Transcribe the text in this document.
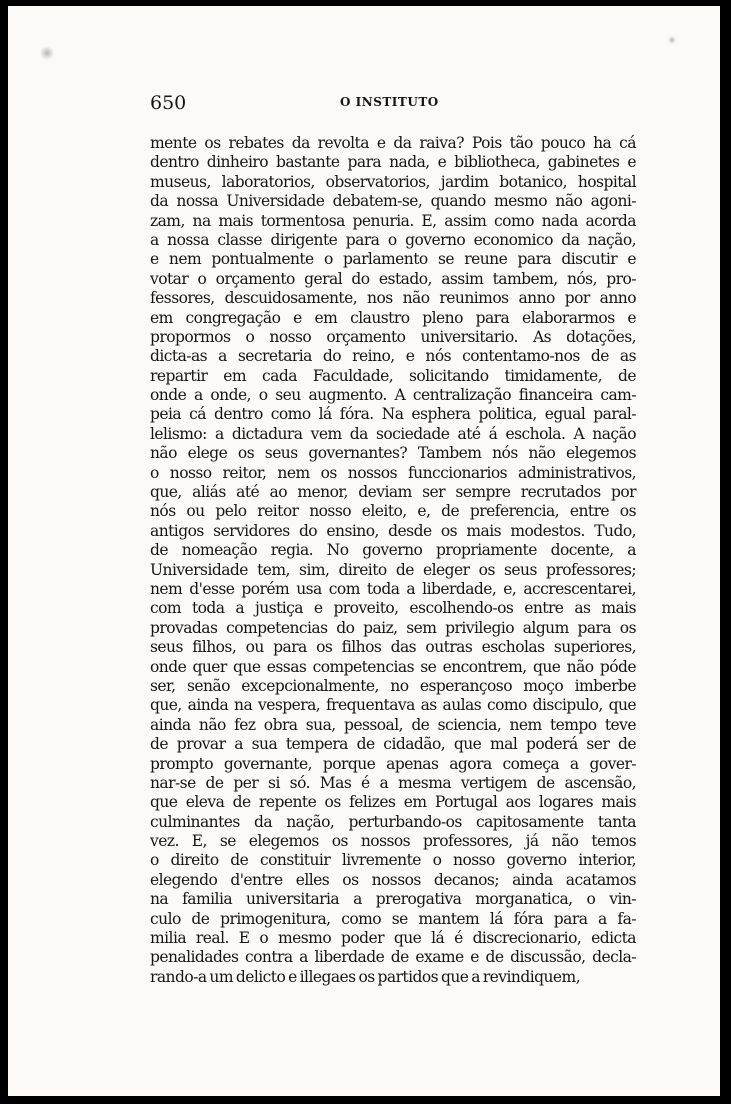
650	O INSTITUTO
mente os rebates da revolta e da raiva? Pois tão pouco ha cá
dentro dinheiro bastante para nada, e bibliotheca, gabinetes e
museus, laboratorios, observatorios, jardim botanico, hospital
da nossa Universidade debatem-se, quando mesmo não agoni-
zam, na mais tormentosa penuria. E, assim como nada acorda
a nossa classe dirigente para o governo economico da nação,
e nem pontualmente o parlamento se reune para discutir e
votar o orçamento geral do estado, assim tambem, nós, pro-
fessores, descuidosamente, nos não reunimos anno por anno
em congregação e em claustro pleno para elaborarmos e
propormos o nosso orçamento universitario. As dotações,
dicta-as a secretaria do reino, e nós contentamo-nos de as
repartir em cada Faculdade, solicitando timidamente, de
onde a onde, o seu augmento. A centralização financeira cam-
peia cá dentro como lá fóra. Na esphera politica, egual paral-
lelismo: a dictadura vem da sociedade até á escholа. A nação
não elege os seus governantes? Tambem nós não elegemos
o nosso reitor, nem os nossos funccionarios administrativos,
que, aliás até ao menor, deviam ser sempre recrutados por
nós ou pelo reitor nosso eleito, e, de preferencia, entre os
antigos servidores do ensino, desde os mais modestos. Tudo,
de nomeação regia. No governo propriamente docente, a
Universidade tem, sim, direito de eleger os seus professores;
nem d'esse porém usa com toda a liberdade, e, accrescentarei,
com toda a justiça e proveito, escolhendo-os entre as mais
provadas competencias do paiz, sem privilegio algum para os
seus filhos, ou para os filhos das outras escholas superiores,
onde quer que essas competencias se encontrem, que não póde
ser, senão excepcionalmente, no esperançoso moço imberbe
que, ainda na vespera, frequentava as aulas como discipulo, que
ainda não fez obra sua, pessoal, de sciencia, nem tempo teve
de provar a sua tempera de cidadão, que mal poderá ser de
prompto governante, porque apenas agora começa a gover-
nar-se de per si só. Mas é a mesma vertigem de ascensão,
que eleva de repente os felizes em Portugal aos logares mais
culminantes da nação, perturbando-os capitosamente tanta
vez. E, se elegemos os nossos professores, já não temos
o direito de constituir livremente o nosso governo interior,
elegendo d'entre elles os nossos decanos; ainda acatamos
na familia universitaria a prerogativa morganatica, o vin-
culo de primogenitura, como se mantem lá fóra para a fa-
milia real. E o mesmo poder que lá é discrecionario, edicta
penalidades contra a liberdade de exame e de discussão, decla-
rando-a um delicto e illegaes os partidos que a revindiquem,
